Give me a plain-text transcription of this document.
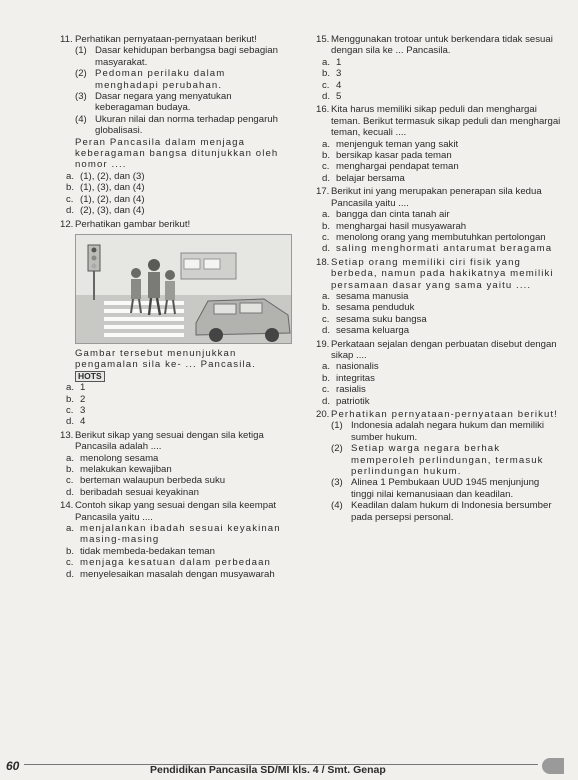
11. Perhatikan pernyataan-pernyataan berikut!
(1) Dasar kehidupan berbangsa bagi sebagian masyarakat.
(2) Pedoman perilaku dalam menghadapi perubahan.
(3) Dasar negara yang menyatukan keberagaman budaya.
(4) Ukuran nilai dan norma terhadap pengaruh globalisasi.
Peran Pancasila dalam menjaga keberagaman bangsa ditunjukkan oleh nomor ....
a. (1), (2), dan (3)
b. (1), (3), dan (4)
c. (1), (2), dan (4)
d. (2), (3), dan (4)
12. Perhatikan gambar berikut!
Gambar tersebut menunjukkan pengamalan sila ke- ... Pancasila.
HOTS
a. 1
b. 2
c. 3
d. 4
13. Berikut sikap yang sesuai dengan sila ketiga Pancasila adalah ....
a. menolong sesama
b. melakukan kewajiban
c. berteman walaupun berbeda suku
d. beribadah sesuai keyakinan
14. Contoh sikap yang sesuai dengan sila keempat Pancasila yaitu ....
a. menjalankan ibadah sesuai keyakinan masing-masing
b. tidak membeda-bedakan teman
c. menjaga kesatuan dalam perbedaan
d. menyelesaikan masalah dengan musyawarah
15. Menggunakan trotoar untuk berkendara tidak sesuai dengan sila ke ... Pancasila.
a. 1
b. 3
c. 4
d. 5
16. Kita harus memiliki sikap peduli dan menghargai teman. Berikut termasuk sikap peduli dan menghargai teman, kecuali ....
a. menjenguk teman yang sakit
b. bersikap kasar pada teman
c. menghargai pendapat teman
d. belajar bersama
17. Berikut ini yang merupakan penerapan sila kedua Pancasila yaitu ....
a. bangga dan cinta tanah air
b. menghargai hasil musyawarah
c. menolong orang yang membutuhkan pertolongan
d. saling menghormati antarumat beragama
18. Setiap orang memiliki ciri fisik yang berbeda, namun pada hakikatnya memiliki persamaan dasar yang sama yaitu ....
a. sesama manusia
b. sesama penduduk
c. sesama suku bangsa
d. sesama keluarga
19. Perkataan sejalan dengan perbuatan disebut dengan sikap ....
a. nasionalis
b. integritas
c. rasialis
d. patriotik
20. Perhatikan pernyataan-pernyataan berikut!
(1) Indonesia adalah negara hukum dan memiliki sumber hukum.
(2) Setiap warga negara berhak memperoleh perlindungan, termasuk perlindungan hukum.
(3) Alinea 1 Pembukaan UUD 1945 menjunjung tinggi nilai kemanusiaan dan keadilan.
(4) Keadilan dalam hukum di Indonesia bersumber pada persepsi personal.
60	Pendidikan Pancasila SD/MI kls. 4 / Smt. Genap
